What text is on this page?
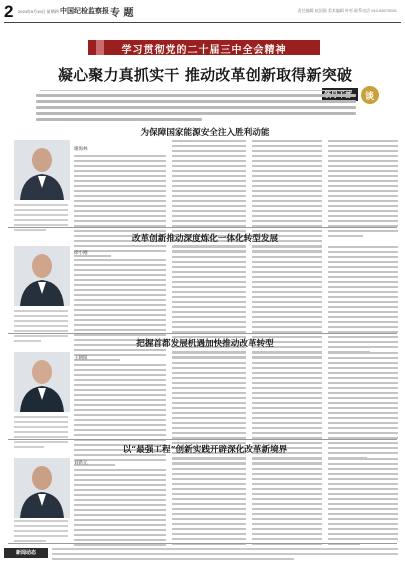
2 2024年9月19日 星期四 中国纪检监察报 专 题	责任编辑 赵国强 美术编辑 叶杉 联系电话 010-83075931
学习贯彻党的二十届三中全会精神
凝心聚力真抓实干 推动改革创新取得新突破
谈
为保障国家能源安全注入胜利动能
谢海林
改革创新推动深度炼化一体化转型发展
徐小刚
把握首都发展机遇加快推动改革转型
王朝阳
以“最强工程”创新实践开辟深化改革新境界
刘新元
新闻动态
